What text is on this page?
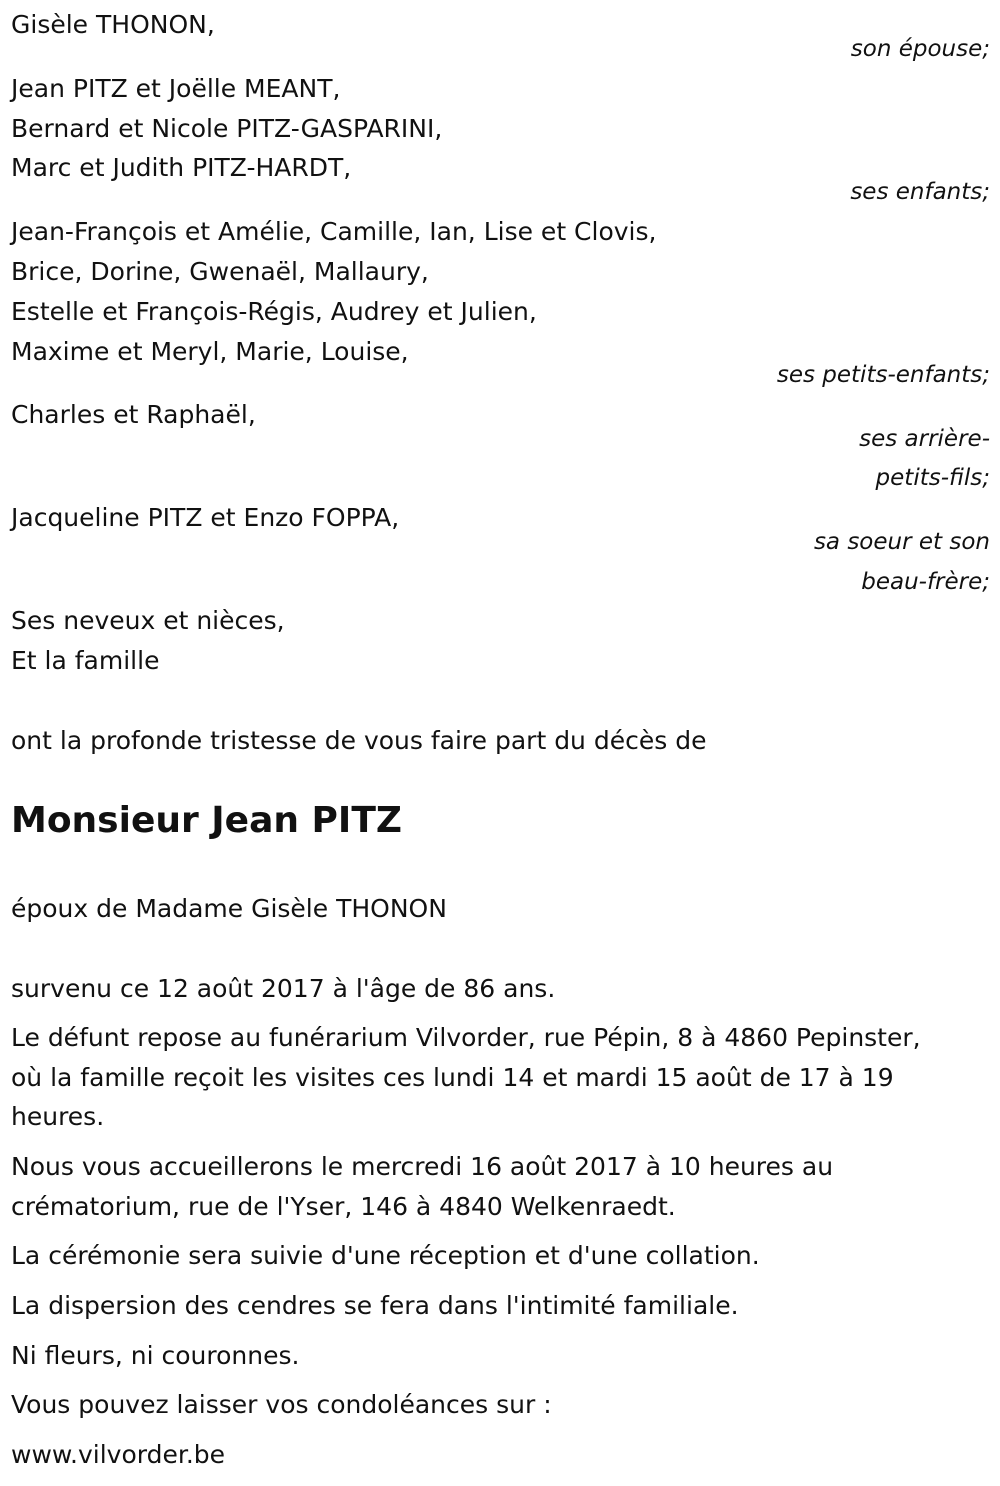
Gisèle THONON,
son épouse;
Jean PITZ et Joëlle MEANT,
Bernard et Nicole PITZ-GASPARINI,
Marc et Judith PITZ-HARDT,
ses enfants;
Jean-François et Amélie, Camille, Ian, Lise et Clovis,
Brice, Dorine, Gwenaël, Mallaury,
Estelle et François-Régis, Audrey et Julien,
Maxime et Meryl, Marie, Louise,
ses petits-enfants;
Charles et Raphaël,
ses arrière-
petits-fils;
Jacqueline PITZ et Enzo FOPPA,
sa soeur et son
beau-frère;
Ses neveux et nièces,
Et la famille
ont la profonde tristesse de vous faire part du décès de
Monsieur Jean PITZ
époux de Madame Gisèle THONON
survenu ce 12 août 2017 à l'âge de 86 ans.
Le défunt repose au funérarium Vilvorder, rue Pépin, 8 à 4860 Pepinster,
où la famille reçoit les visites ces lundi 14 et mardi 15 août de 17 à 19
heures.
Nous vous accueillerons le mercredi 16 août 2017 à 10 heures au
crématorium, rue de l'Yser, 146 à 4840 Welkenraedt.
La cérémonie sera suivie d'une réception et d'une collation.
La dispersion des cendres se fera dans l'intimité familiale.
Ni fleurs, ni couronnes.
Vous pouvez laisser vos condoléances sur :
www.vilvorder.be
